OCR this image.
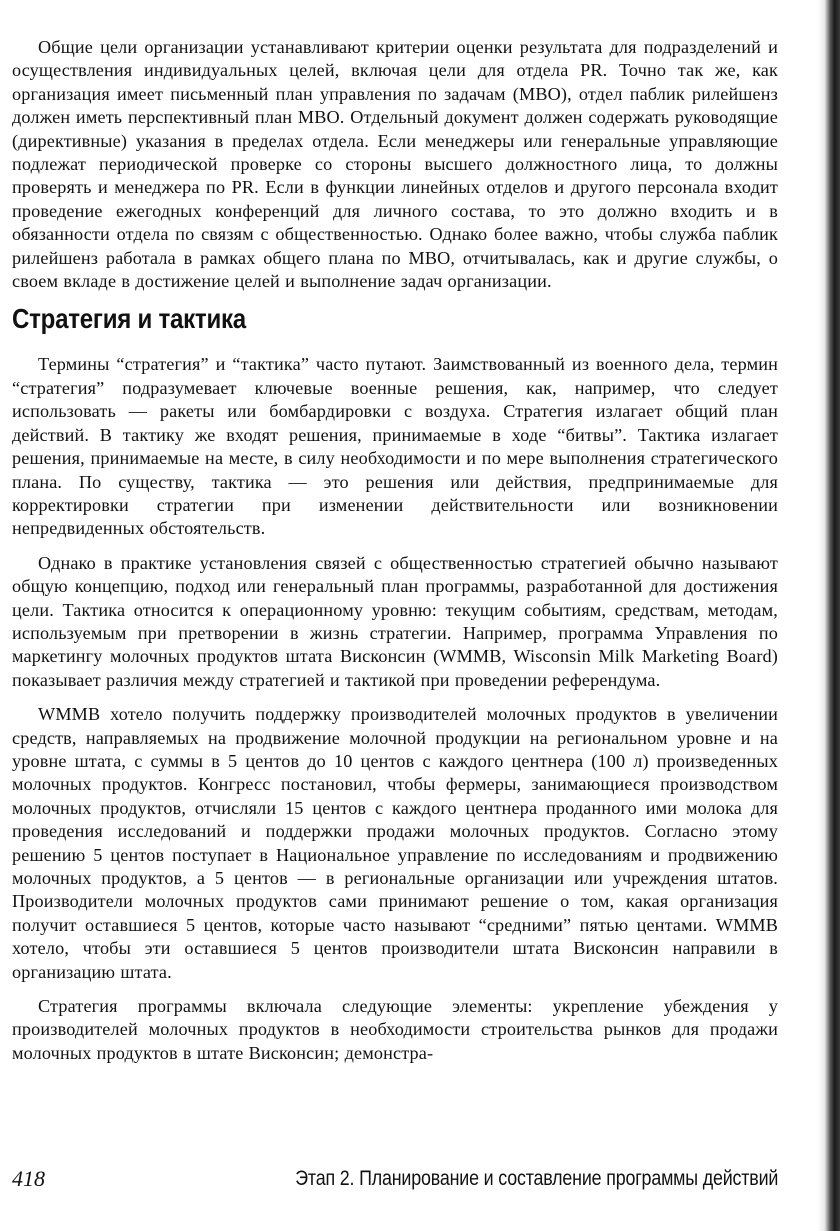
Общие цели организации устанавливают критерии оценки результата для подразделений и осуществления индивидуальных целей, включая цели для отдела PR. Точно так же, как организация имеет письменный план управления по задачам (MBO), отдел паблик рилейшенз должен иметь перспективный план MBO. Отдельный документ должен содержать руководящие (директивные) указания в пределах отдела. Если менеджеры или генеральные управляющие подлежат периодической проверке со стороны высшего должностного лица, то должны проверять и менеджера по PR. Если в функции линейных отделов и другого персонала входит проведение ежегодных конференций для личного состава, то это должно входить и в обязанности отдела по связям с общественностью. Однако более важно, чтобы служба паблик рилейшенз работала в рамках общего плана по MBO, отчитывалась, как и другие службы, о своем вкладе в достижение целей и выполнение задач организации.

Стратегия и тактика

Термины “стратегия” и “тактика” часто путают. Заимствованный из военного дела, термин “стратегия” подразумевает ключевые военные решения, как, например, что следует использовать — ракеты или бомбардировки с воздуха. Стратегия излагает общий план действий. В тактику же входят решения, принимаемые в ходе “битвы”. Тактика излагает решения, принимаемые на месте, в силу необходимости и по мере выполнения стратегического плана. По существу, тактика — это решения или действия, предпринимаемые для корректировки стратегии при изменении действительности или возникновении непредвиденных обстоятельств.

Однако в практике установления связей с общественностью стратегией обычно называют общую концепцию, подход или генеральный план программы, разработанной для достижения цели. Тактика относится к операционному уровню: текущим событиям, средствам, методам, используемым при претворении в жизнь стратегии. Например, программа Управления по маркетингу молочных продуктов штата Висконсин (WMMB, Wisconsin Milk Marketing Board) показывает различия между стратегией и тактикой при проведении референдума.

WMMB хотело получить поддержку производителей молочных продуктов в увеличении средств, направляемых на продвижение молочной продукции на региональном уровне и на уровне штата, с суммы в 5 центов до 10 центов с каждого центнера (100 л) произведенных молочных продуктов. Конгресс постановил, чтобы фермеры, занимающиеся производством молочных продуктов, отчисляли 15 центов с каждого центнера проданного ими молока для проведения исследований и поддержки продажи молочных продуктов. Согласно этому решению 5 центов поступает в Национальное управление по исследованиям и продвижению молочных продуктов, а 5 центов — в региональные организации или учреждения штатов. Производители молочных продуктов сами принимают решение о том, какая организация получит оставшиеся 5 центов, которые часто называют “средними” пятью центами. WMMB хотело, чтобы эти оставшиеся 5 центов производители штата Висконсин направили в организацию штата.

Стратегия программы включала следующие элементы: укрепление убеждения у производителей молочных продуктов в необходимости строительства рынков для продажи молочных продуктов в штате Висконсин; демонстра-

418	Этап 2. Планирование и составление программы действий
